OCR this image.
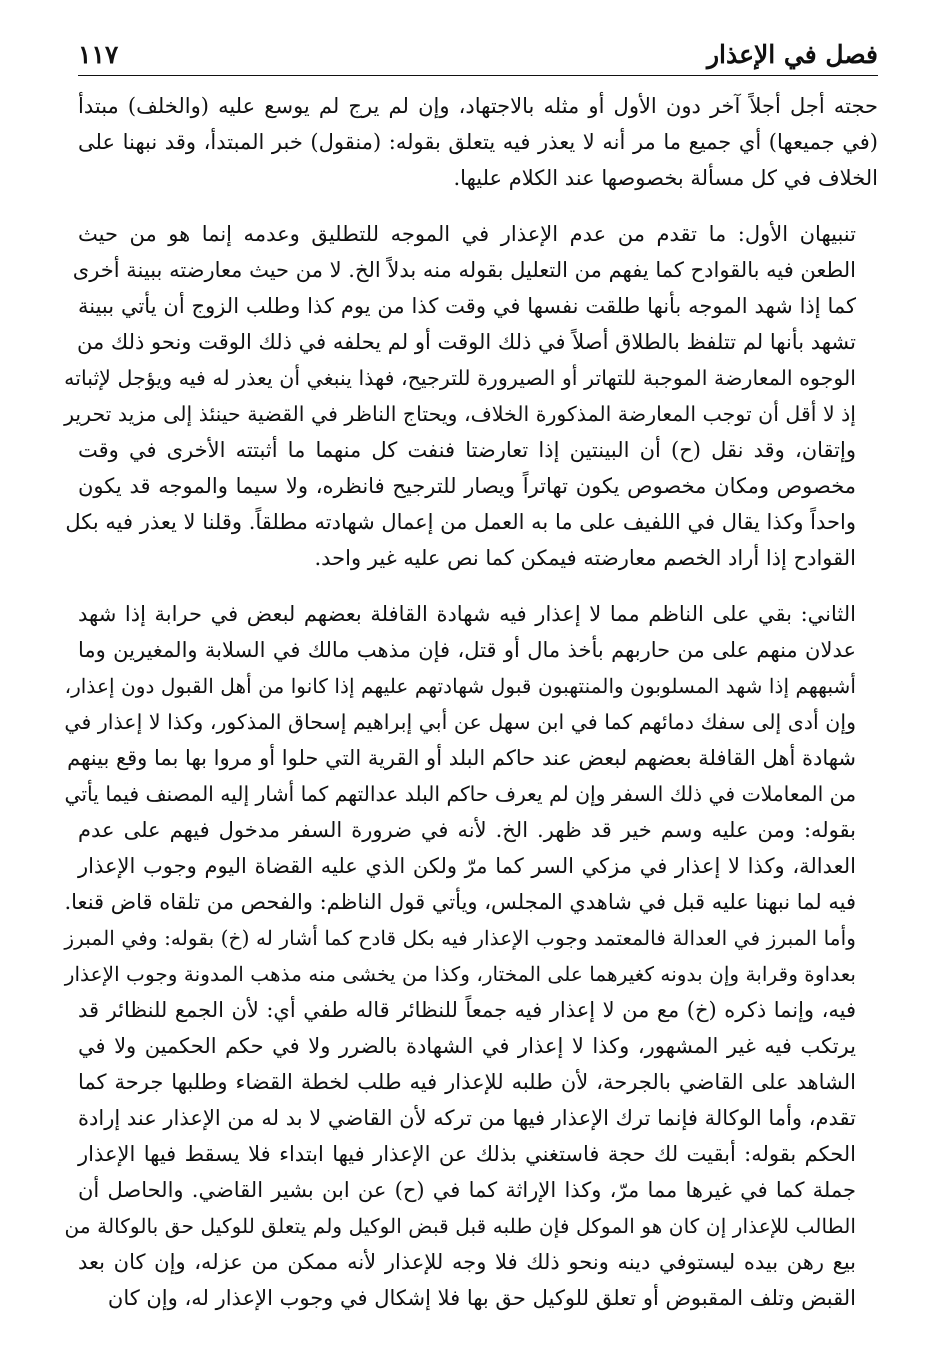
فصل في الإعذار
١١٧

حجته أجل أجلاً آخر دون الأول أو مثله بالاجتهاد، وإن لم يرج لم يوسع عليه (والخلف) مبتدأ
(في جميعها) أي جميع ما مر أنه لا يعذر فيه يتعلق بقوله: (منقول) خبر المبتدأ، وقد نبهنا على
الخلاف في كل مسألة بخصوصها عند الكلام عليها.

تنبيهان الأول: ما تقدم من عدم الإعذار في الموجه للتطليق وعدمه إنما هو من حيث
الطعن فيه بالقوادح كما يفهم من التعليل بقوله منه بدلاً الخ. لا من حيث معارضته ببينة أخرى
كما إذا شهد الموجه بأنها طلقت نفسها في وقت كذا من يوم كذا وطلب الزوج أن يأتي ببينة
تشهد بأنها لم تتلفظ بالطلاق أصلاً في ذلك الوقت أو لم يحلفه في ذلك الوقت ونحو ذلك من
الوجوه المعارضة الموجبة للتهاتر أو الصيرورة للترجيح، فهذا ينبغي أن يعذر له فيه ويؤجل لإثباته
إذ لا أقل أن توجب المعارضة المذكورة الخلاف، ويحتاج الناظر في القضية حينئذ إلى مزيد تحرير
وإتقان، وقد نقل (ح) أن البينتين إذا تعارضتا فنفت كل منهما ما أثبتته الأخرى في وقت
مخصوص ومكان مخصوص يكون تهاتراً ويصار للترجيح فانظره، ولا سيما والموجه قد يكون
واحداً وكذا يقال في اللفيف على ما به العمل من إعمال شهادته مطلقاً. وقلنا لا يعذر فيه بكل
القوادح إذا أراد الخصم معارضته فيمكن كما نص عليه غير واحد.

الثاني: بقي على الناظم مما لا إعذار فيه شهادة القافلة بعضهم لبعض في حرابة إذا شهد
عدلان منهم على من حاربهم بأخذ مال أو قتل، فإن مذهب مالك في السلابة والمغيرين وما
أشبههم إذا شهد المسلوبون والمنتهبون قبول شهادتهم عليهم إذا كانوا من أهل القبول دون إعذار،
وإن أدى إلى سفك دمائهم كما في ابن سهل عن أبي إبراهيم إسحاق المذكور، وكذا لا إعذار في
شهادة أهل القافلة بعضهم لبعض عند حاكم البلد أو القرية التي حلوا أو مروا بها بما وقع بينهم
من المعاملات في ذلك السفر وإن لم يعرف حاكم البلد عدالتهم كما أشار إليه المصنف فيما يأتي
بقوله: ومن عليه وسم خير قد ظهر. الخ. لأنه في ضرورة السفر مدخول فيهم على عدم
العدالة، وكذا لا إعذار في مزكي السر كما مرّ ولكن الذي عليه القضاة اليوم وجوب الإعذار
فيه لما نبهنا عليه قبل في شاهدي المجلس، ويأتي قول الناظم: والفحص من تلقاه قاض قنعا.
وأما المبرز في العدالة فالمعتمد وجوب الإعذار فيه بكل قادح كما أشار له (خ) بقوله: وفي المبرز
بعداوة وقرابة وإن بدونه كغيرهما على المختار، وكذا من يخشى منه مذهب المدونة وجوب الإعذار
فيه، وإنما ذكره (خ) مع من لا إعذار فيه جمعاً للنظائر قاله طفي أي: لأن الجمع للنظائر قد
يرتكب فيه غير المشهور، وكذا لا إعذار في الشهادة بالضرر ولا في حكم الحكمين ولا في
الشاهد على القاضي بالجرحة، لأن طلبه للإعذار فيه طلب لخطة القضاء وطلبها جرحة كما
تقدم، وأما الوكالة فإنما ترك الإعذار فيها من تركه لأن القاضي لا بد له من الإعذار عند إرادة
الحكم بقوله: أبقيت لك حجة فاستغني بذلك عن الإعذار فيها ابتداء فلا يسقط فيها الإعذار
جملة كما في غيرها مما مرّ، وكذا الإراثة كما في (ح) عن ابن بشير القاضي. والحاصل أن
الطالب للإعذار إن كان هو الموكل فإن طلبه قبل قبض الوكيل ولم يتعلق للوكيل حق بالوكالة من
بيع رهن بيده ليستوفي دينه ونحو ذلك فلا وجه للإعذار لأنه ممكن من عزله، وإن كان بعد
القبض وتلف المقبوض أو تعلق للوكيل حق بها فلا إشكال في وجوب الإعذار له، وإن كان
